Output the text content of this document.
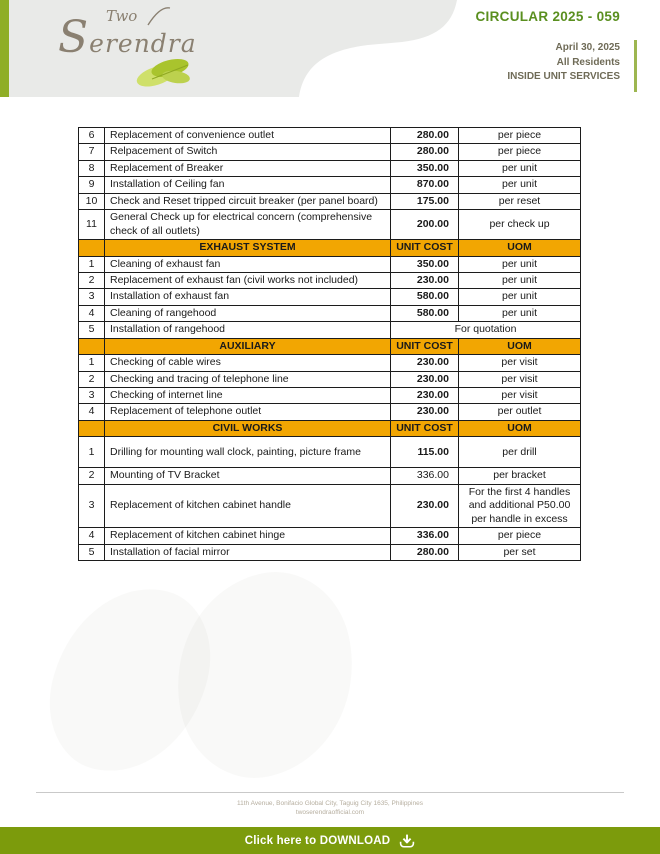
Two
Serendra
CIRCULAR 2025 - 059
April 30, 2025
All Residents
INSIDE UNIT SERVICES
6	Replacement of convenience outlet	280.00	per piece
7	Relpacement of Switch	280.00	per piece
8	Replacement of Breaker	350.00	per unit
9	Installation of Ceiling fan	870.00	per unit
10	Check and Reset tripped circuit breaker (per panel board)	175.00	per reset
11	General Check up for electrical concern (comprehensive check of all outlets)	200.00	per check up
	EXHAUST SYSTEM	UNIT COST	UOM
1	Cleaning of exhaust fan	350.00	per unit
2	Replacement of exhaust fan (civil works not included)	230.00	per unit
3	Installation of exhaust fan	580.00	per unit
4	Cleaning of rangehood	580.00	per unit
5	Installation of rangehood	For quotation	
	AUXILIARY	UNIT COST	UOM
1	Checking of cable wires	230.00	per visit
2	Checking and tracing of telephone line	230.00	per visit
3	Checking of internet line	230.00	per visit
4	Replacement of telephone outlet	230.00	per outlet
	CIVIL WORKS	UNIT COST	UOM
1	Drilling for mounting wall clock, painting, picture frame	115.00	per drill
2	Mounting of TV Bracket	336.00	per bracket
3	Replacement of kitchen cabinet handle	230.00	For the first 4 handles and additional P50.00 per handle in excess
4	Replacement of kitchen cabinet hinge	336.00	per piece
5	Installation of facial mirror	280.00	per set
11th Avenue, Bonifacio Global City, Taguig City 1635, Philippines
twoserendraofficial.com
Click here to DOWNLOAD
